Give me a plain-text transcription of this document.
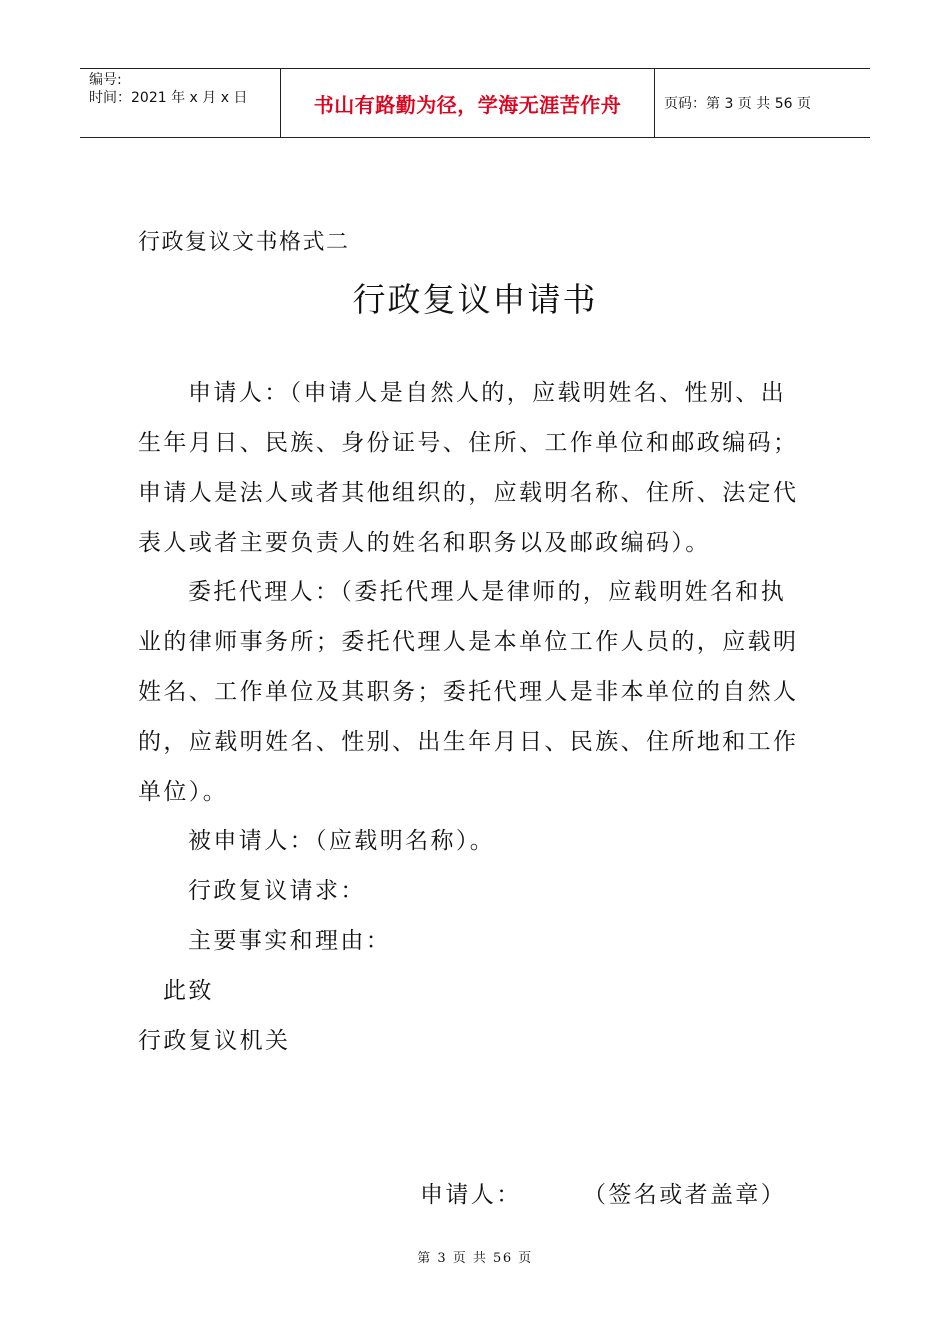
编号:
时间：2021 年 x 月 x 日	书山有路勤为径，学海无涯苦作舟	页码：第 3 页 共 56 页
行政复议文书格式二
行政复议申请书
申请人：（申请人是自然人的，应载明姓名、性别、出
生年月日、民族、身份证号、住所、工作单位和邮政编码；
申请人是法人或者其他组织的，应载明名称、住所、法定代
表人或者主要负责人的姓名和职务以及邮政编码）。
委托代理人：（委托代理人是律师的，应载明姓名和执
业的律师事务所；委托代理人是本单位工作人员的，应载明
姓名、工作单位及其职务；委托代理人是非本单位的自然人
的，应载明姓名、性别、出生年月日、民族、住所地和工作
单位）。
被申请人：（应载明名称）。
行政复议请求：
主要事实和理由：
此致
行政复议机关
申请人：	（签名或者盖章）
第 3 页 共 56 页
